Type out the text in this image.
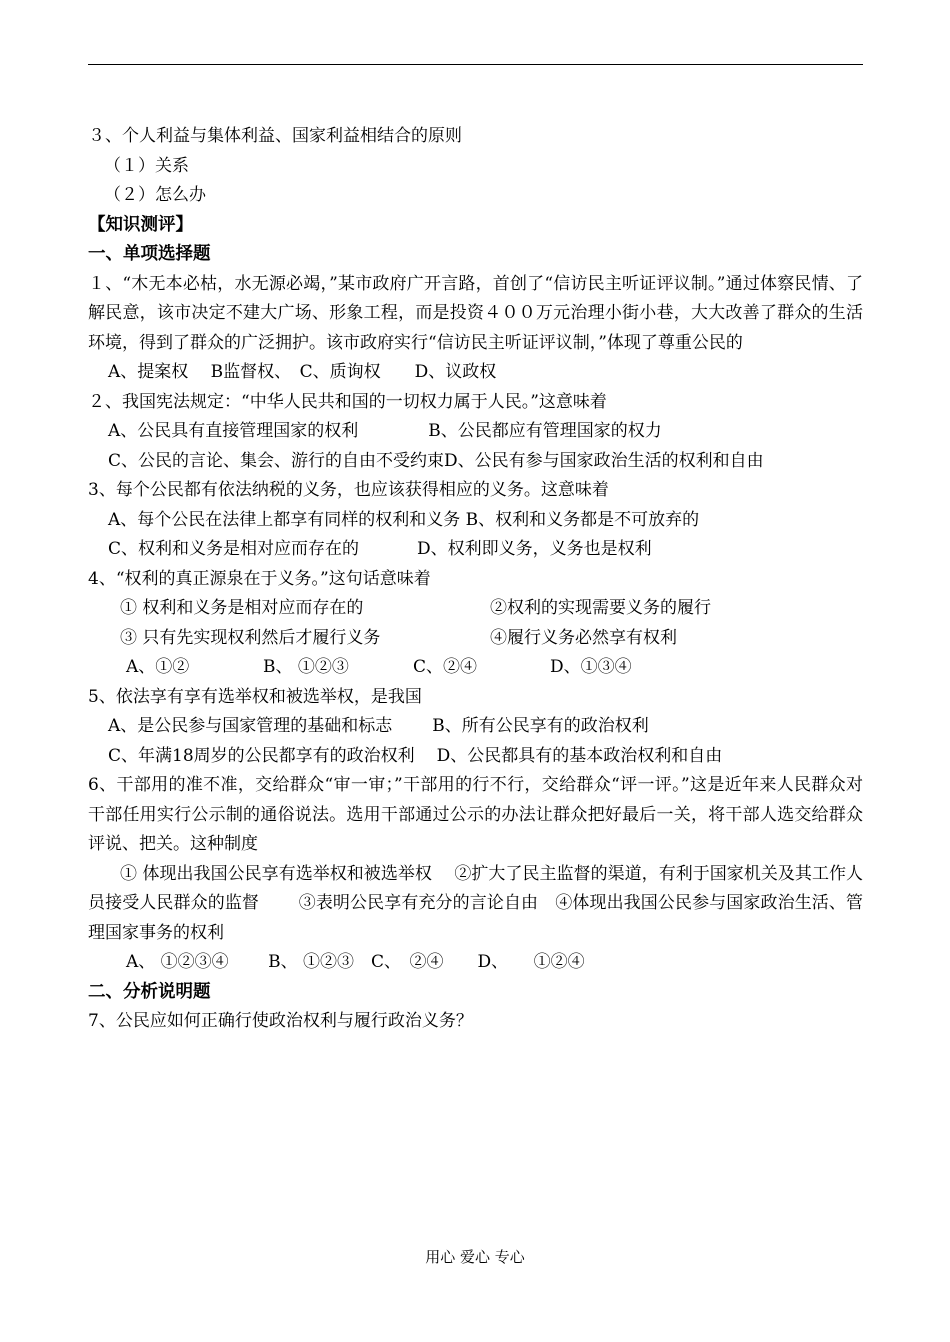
３、个人利益与集体利益、国家利益相结合的原则
（１）关系
（２）怎么办
【知识测评】
一、单项选择题
１、“木无本必枯，水无源必竭，”某市政府广开言路，首创了“信访民主听证评议制。”通过体察民情、了解民意，该市决定不建大广场、形象工程，而是投资４００万元治理小街小巷，大大改善了群众的生活环境，得到了群众的广泛拥护。该市政府实行“信访民主听证评议制，”体现了尊重公民的
A、提案权　 B监督权、　C、质询权　　D、议政权
２、我国宪法规定：“中华人民共和国的一切权力属于人民。”这意味着
A、公民具有直接管理国家的权利	B、公民都应有管理国家的权力
C、公民的言论、集会、游行的自由不受约束D、公民有参与国家政治生活的权利和自由
3、每个公民都有依法纳税的义务，也应该获得相应的义务。这意味着
A、每个公民在法律上都享有同样的权利和义务 B、权利和义务都是不可放弃的
C、权利和义务是相对应而存在的	D、权利即义务，义务也是权利
4、“权利的真正源泉在于义务。”这句话意味着
① 权利和义务是相对应而存在的	②权利的实现需要义务的履行
③ 只有先实现权利然后才履行义务	④履行义务必然享有权利
A、①②	B、 ①②③	C、②④	D、①③④
5、依法享有享有选举权和被选举权，是我国
A、是公民参与国家管理的基础和标志 B、所有公民享有的政治权利
C、年满18周岁的公民都享有的政治权利 D、公民都具有的基本政治权利和自由
6、干部用的准不准，交给群众“审一审；”干部用的行不行，交给群众“评一评。”这是近年来人民群众对干部任用实行公示制的通俗说法。选用干部通过公示的办法让群众把好最后一关，将干部人选交给群众评说、把关。这种制度
① 体现出我国公民享有选举权和被选举权　 ②扩大了民主监督的渠道，有利于国家机关及其工作人员接受人民群众的监督　　 ③表明公民享有充分的言论自由　④体现出我国公民参与国家政治生活、管理国家事务的权利
A、 ①②③④　　 B、 ①②③　C、　②④　　D、　　①②④
二、分析说明题
7、公民应如何正确行使政治权利与履行政治义务？
用心 爱心 专心
